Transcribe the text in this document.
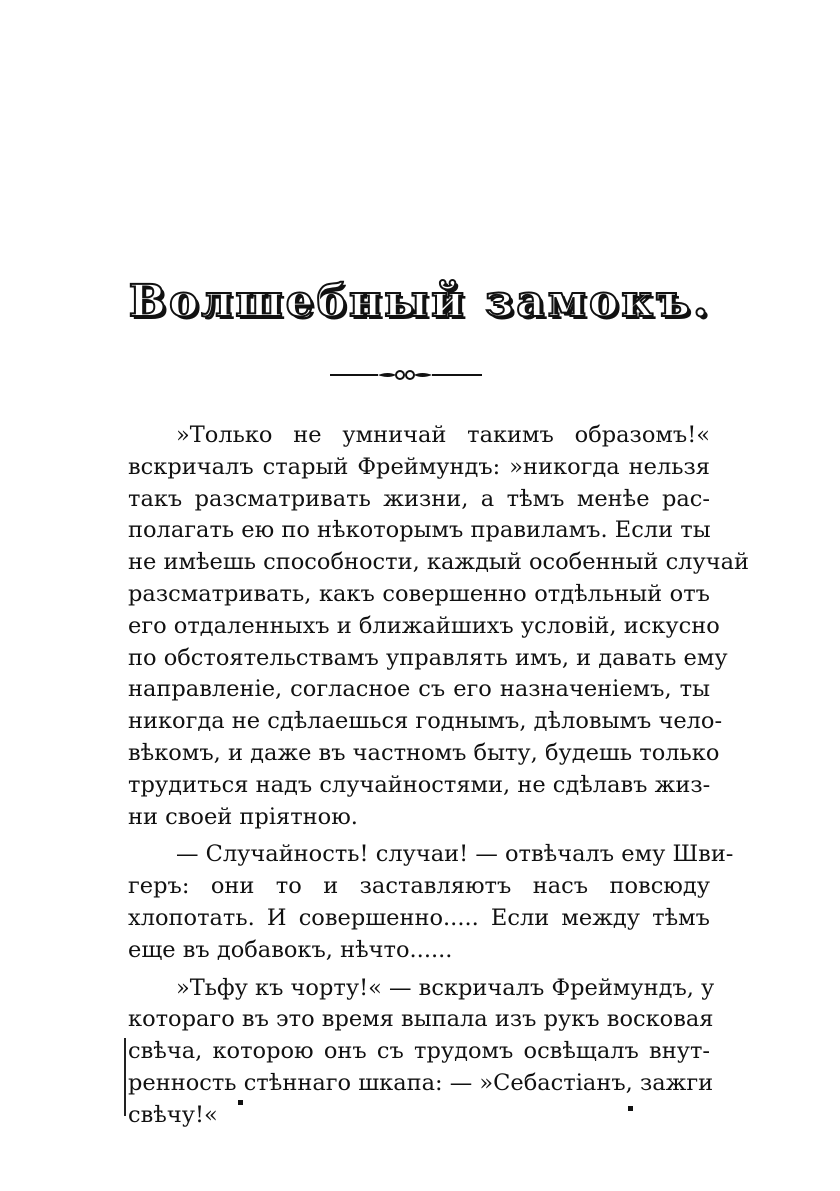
Волшебный замокъ.
»Только не умничай такимъ образомъ!«
вскричалъ старый Фреймундъ: »никогда нельзя
такъ разсматривать жизни, а тѣмъ менѣе рас-
полагать ею по нѣкоторымъ правиламъ. Если ты
не имѣешь способности, каждый особенный случай
разсматривать, какъ совершенно отдѣльный отъ
его отдаленныхъ и ближайшихъ условій, искусно
по обстоятельствамъ управлять имъ, и давать ему
направленіе, согласное съ его назначеніемъ, ты
никогда не сдѣлаешься годнымъ, дѣловымъ чело-
вѣкомъ, и даже въ частномъ быту, будешь только
трудиться надъ случайностями, не сдѣлавъ жиз-
ни своей пріятною.
— Случайность! случаи! — отвѣчалъ ему Шви-
геръ: они то и заставляютъ насъ повсюду
хлопотать. И совершенно..... Если между тѣмъ
еще въ добавокъ, нѣчто......
»Тьфу къ чорту!« — вскричалъ Фреймундъ, у
котораго въ это время выпала изъ рукъ восковая
свѣча, которою онъ съ трудомъ освѣщалъ внут-
ренность стѣннаго шкапа: — »Себастіанъ, зажги
свѣчу!«
